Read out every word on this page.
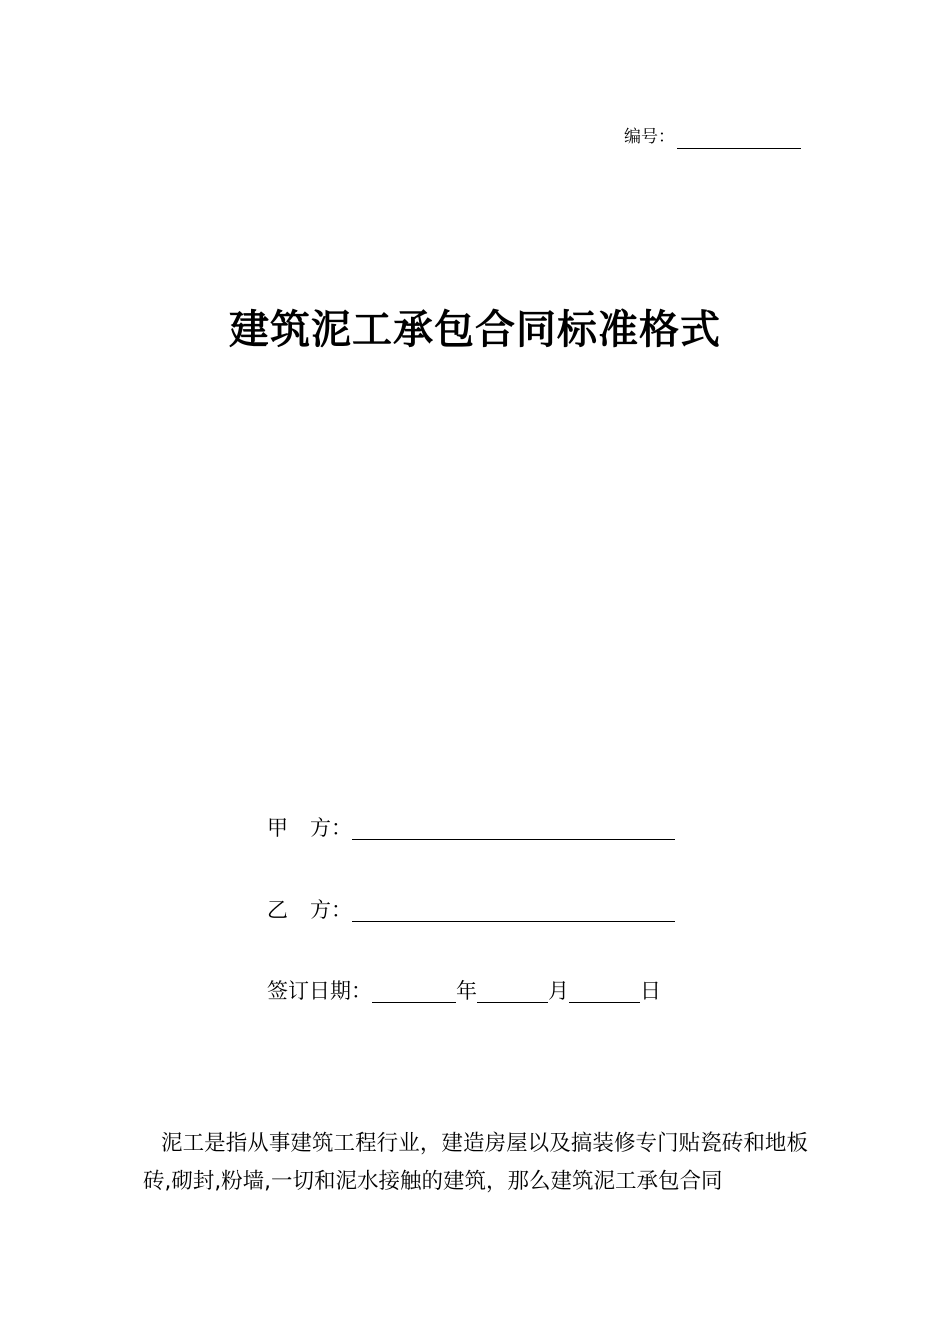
编号：
建筑泥工承包合同标准格式
甲 方：
乙 方：
签订日期：	年	月	日
泥工是指从事建筑工程行业，建造房屋以及搞装修专门贴瓷砖和地板砖,砌封,粉墙,一切和泥水接触的建筑，那么建筑泥工承包合同
